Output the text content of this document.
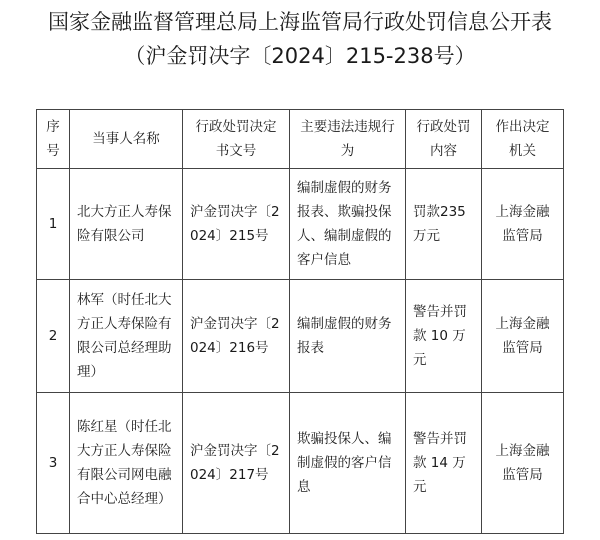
国家金融监督管理总局上海监管局行政处罚信息公开表
（沪金罚决字〔2024〕215-238号）
序号	当事人名称	行政处罚决定书文号	主要违法违规行为	行政处罚内容	作出决定机关
1	北大方正人寿保险有限公司	沪金罚决字〔2024〕215号	编制虚假的财务报表、欺骗投保人、编制虚假的客户信息	罚款235万元	上海金融监管局
2	林军（时任北大方正人寿保险有限公司总经理助理）	沪金罚决字〔2024〕216号	编制虚假的财务报表	警告并罚款 10 万元	上海金融监管局
3	陈红星（时任北大方正人寿保险有限公司网电融合中心总经理）	沪金罚决字〔2024〕217号	欺骗投保人、编制虚假的客户信息	警告并罚款 14 万元	上海金融监管局
